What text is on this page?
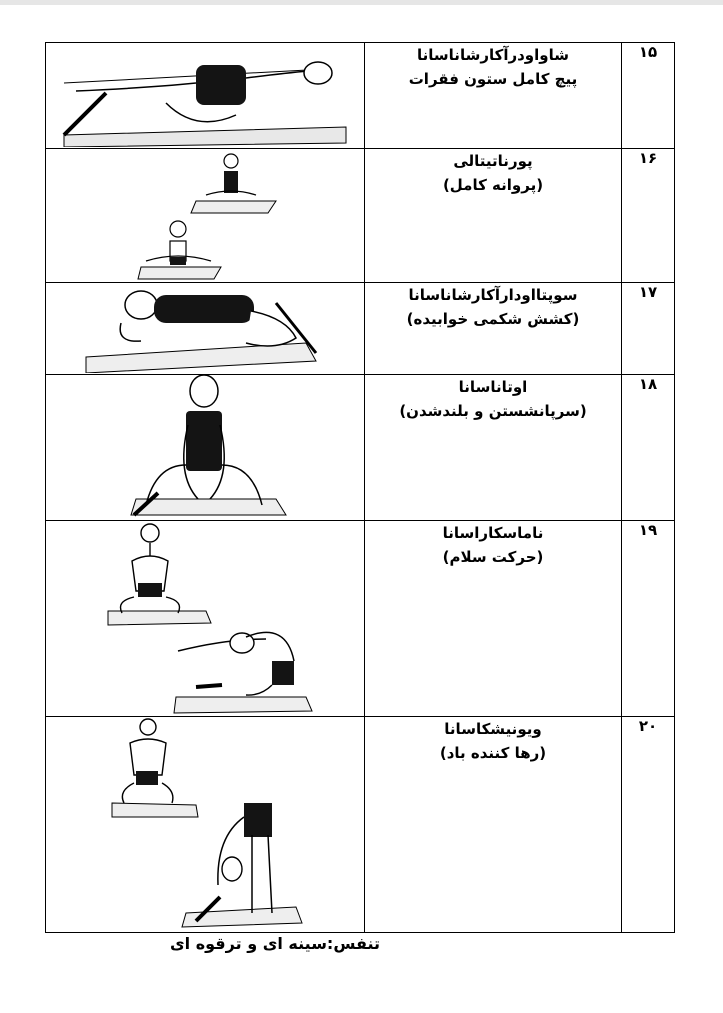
شاواودرآکارشاناسانا
پیچ کامل ستون فقرات	۱۵

پورناتیتالی
(پروانه کامل)	۱۶

سوپتااودارآکارشاناسانا
(کشش شکمی خوابیده)	۱۷

اوتاناسانا
(سرپانشستن و بلندشدن)	۱۸

ناماسکاراسانا
(حرکت سلام)	۱۹

ویونیشکاسانا
(رها کننده باد)	۲۰
تنفس:سینه ای و ترقوه ای
